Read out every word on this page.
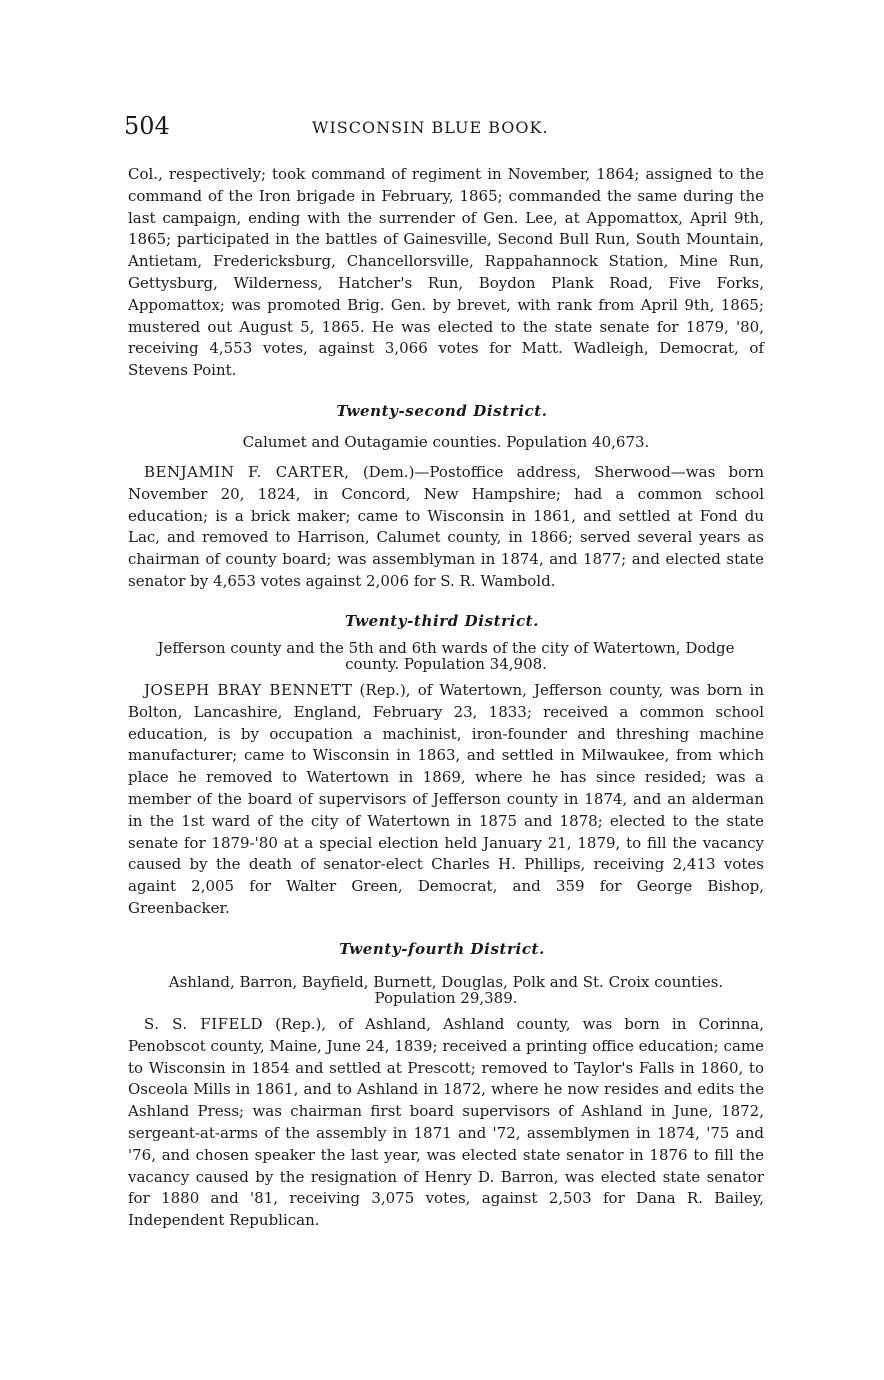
504	WISCONSIN BLUE BOOK.

Col., respectively; took command of regiment in November, 1864; assigned to the command of the Iron brigade in February, 1865; commanded the same during the last campaign, ending with the surrender of Gen. Lee, at Appomattox, April 9th, 1865; participated in the battles of Gainesville, Second Bull Run, South Mountain, Antietam, Fredericksburg, Chancellorsville, Rappahannock Station, Mine Run, Gettysburg, Wilderness, Hatcher's Run, Boydon Plank Road, Five Forks, Appomattox; was promoted Brig. Gen. by brevet, with rank from April 9th, 1865; mustered out August 5, 1865. He was elected to the state senate for 1879, '80, receiving 4,553 votes, against 3,066 votes for Matt. Wadleigh, Democrat, of Stevens Point.

Twenty-second District.
Calumet and Outagamie counties. Population 40,673.

BENJAMIN F. CARTER, (Dem.)—Postoffice address, Sherwood—was born November 20, 1824, in Concord, New Hampshire; had a common school education; is a brick maker; came to Wisconsin in 1861, and settled at Fond du Lac, and removed to Harrison, Calumet county, in 1866; served several years as chairman of county board; was assemblyman in 1874, and 1877; and elected state senator by 4,653 votes against 2,006 for S. R. Wambold.

Twenty-third District.
Jefferson county and the 5th and 6th wards of the city of Watertown, Dodge
county. Population 34,908.

JOSEPH BRAY BENNETT (Rep.), of Watertown, Jefferson county, was born in Bolton, Lancashire, England, February 23, 1833; received a common school education, is by occupation a machinist, iron-founder and threshing machine manufacturer; came to Wisconsin in 1863, and settled in Milwaukee, from which place he removed to Watertown in 1869, where he has since resided; was a member of the board of supervisors of Jefferson county in 1874, and an alderman in the 1st ward of the city of Watertown in 1875 and 1878; elected to the state senate for 1879-'80 at a special election held January 21, 1879, to fill the vacancy caused by the death of senator-elect Charles H. Phillips, receiving 2,413 votes againt 2,005 for Walter Green, Democrat, and 359 for George Bishop, Greenbacker.

Twenty-fourth District.
Ashland, Barron, Bayfield, Burnett, Douglas, Polk and St. Croix counties.
Population 29,389.

S. S. FIFELD (Rep.), of Ashland, Ashland county, was born in Corinna, Penobscot county, Maine, June 24, 1839; received a printing office education; came to Wisconsin in 1854 and settled at Prescott; removed to Taylor's Falls in 1860, to Osceola Mills in 1861, and to Ashland in 1872, where he now resides and edits the Ashland Press; was chairman first board supervisors of Ashland in June, 1872, sergeant-at-arms of the assembly in 1871 and '72, assemblymen in 1874, '75 and '76, and chosen speaker the last year, was elected state senator in 1876 to fill the vacancy caused by the resignation of Henry D. Barron, was elected state senator for 1880 and '81, receiving 3,075 votes, against 2,503 for Dana R. Bailey, Independent Republican.
